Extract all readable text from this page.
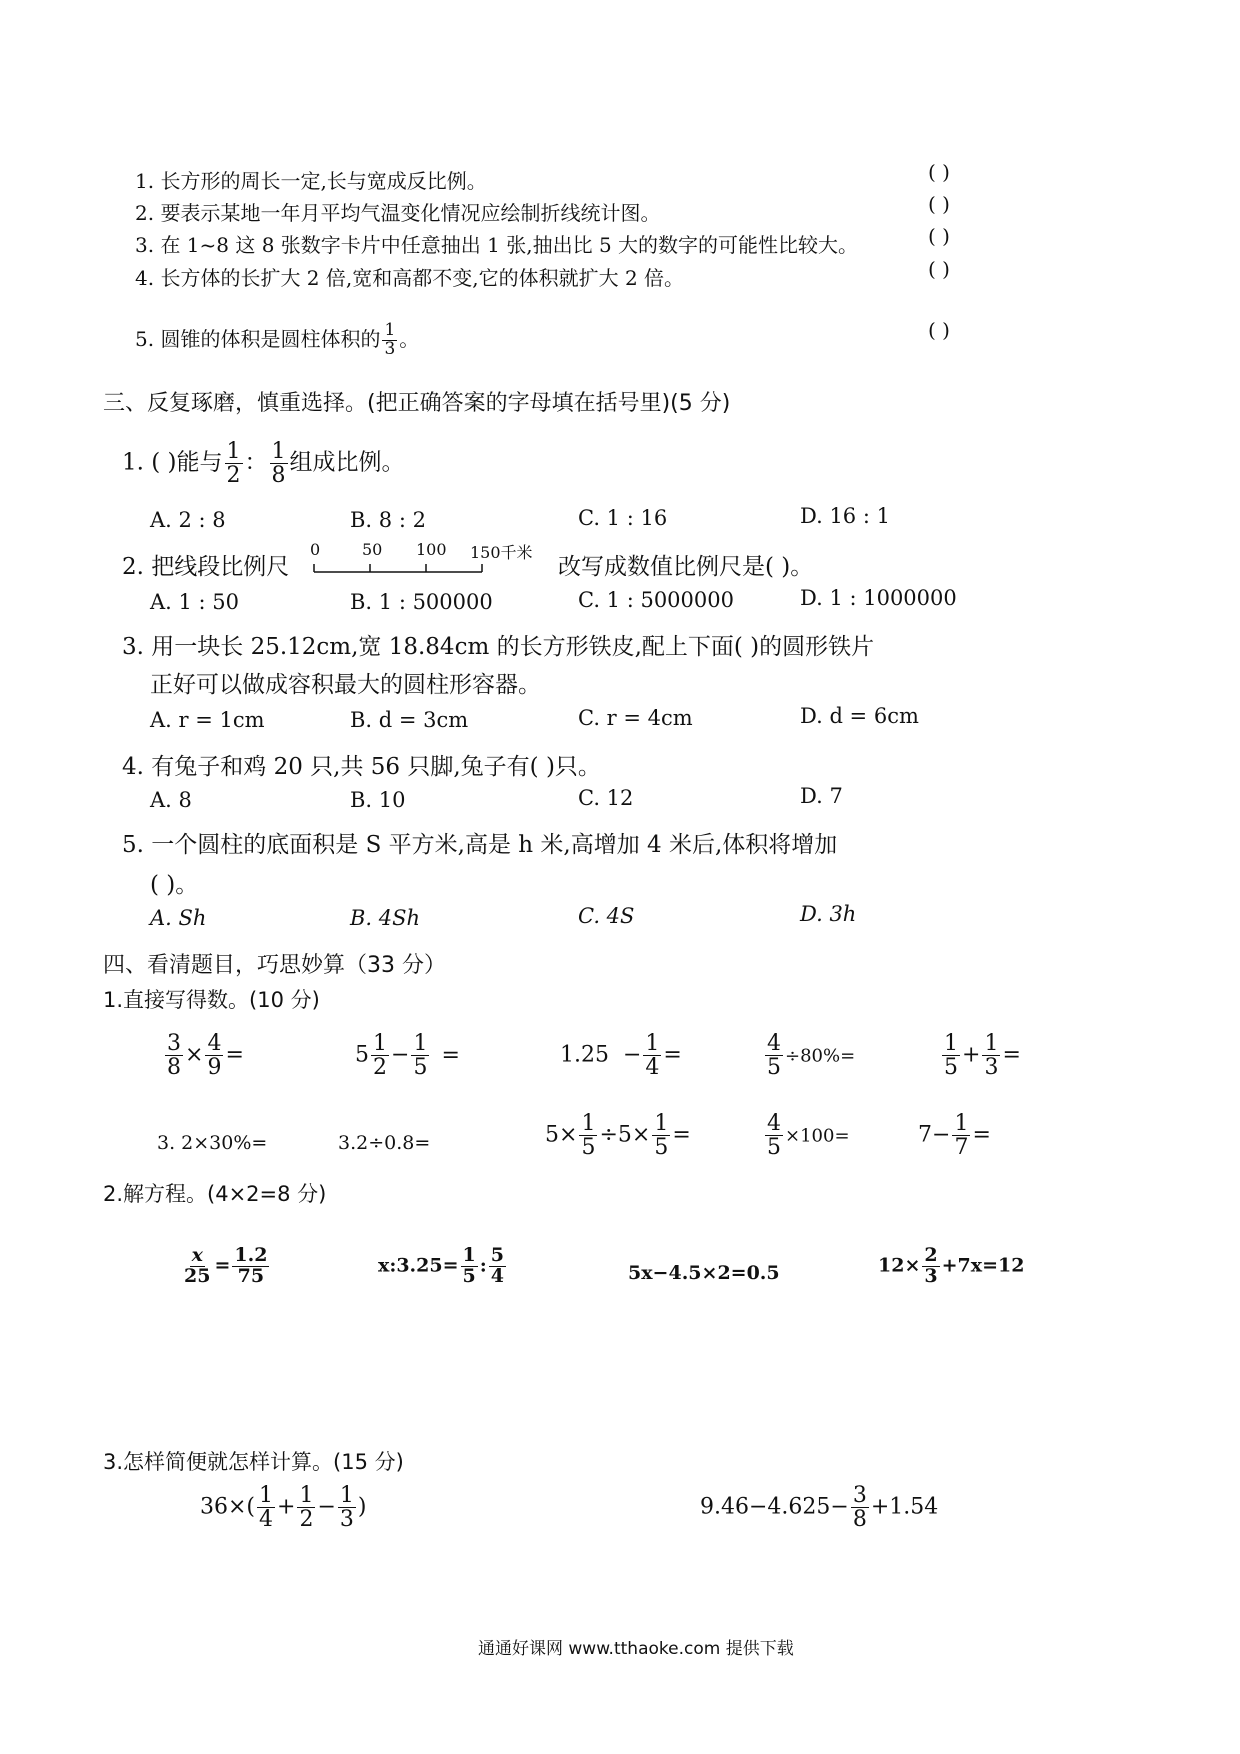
1. 长方形的周长一定,长与宽成反比例。	( )
2. 要表示某地一年月平均气温变化情况应绘制折线统计图。	( )
3. 在 1~8 这 8 张数字卡片中任意抽出 1 张,抽出比 5 大的数字的可能性比较大。	( )
4. 长方体的长扩大 2 倍,宽和高都不变,它的体积就扩大 2 倍。	( )
5. 圆锥的体积是圆柱体积的 $\frac{1}{3}$ 。	( )
三、反复琢磨，慎重选择。(把正确答案的字母填在括号里)(5 分)
1. ( )能与 $\frac{1}{2}$ ： $\frac{1}{8}$ 组成比例。
A. 2 : 8	B. 8 : 2	C. 1 : 16	D. 16 : 1
2. 把线段比例尺
0	50 100 150千米
改写成数值比例尺是( )。
A. 1 : 50	B. 1 : 500000	C. 1 : 5000000	D. 1 : 1000000
3. 用一块长 25.12cm,宽 18.84cm 的长方形铁皮,配上下面( )的圆形铁片
正好可以做成容积最大的圆柱形容器。
A. r = 1cm	B. d = 3cm	C. r = 4cm	D. d = 6cm
4. 有兔子和鸡 20 只,共 56 只脚,兔子有( )只。
A. 8	B. 10	C. 12	D. 7
5. 一个圆柱的底面积是 S 平方米,高是 h 米,高增加 4 米后,体积将增加
( )。
A. Sh	B. 4Sh	C. 4S	D. 3h
四、看清题目，巧思妙算（33 分）
1.直接写得数。(10 分)
$\frac{3}{8} \times \frac{4}{9}$ =	$5 \frac{1}{2} - \frac{1}{5}$ =	$1.25 - \frac{1}{4}$ =	$\frac{4}{5} \div 80\%=$	$\frac{1}{5} + \frac{1}{3}$ =
3. 2×30%=	3.2÷0.8=	$5\times \frac{1}{5} \div 5\times \frac{1}{5}$ =	$\frac{4}{5} \times 100=$	$7- \frac{1}{7}$ =
2.解方程。(4×2=8 分)
$\frac{x}{25} = \frac{1.2}{75}$	x:3.25= $\frac{1}{5}$ : $\frac{5}{4}$	5x−4.5×2=0.5	$12\times \frac{2}{3} +7x=12$
3.怎样简便就怎样计算。(15 分)
$36\times( \frac{1}{4} + \frac{1}{2} - \frac{1}{3}$ )	$9.46-4.625- \frac{3}{8} +1.54$
通通好课网 www.tthaoke.com 提供下载
